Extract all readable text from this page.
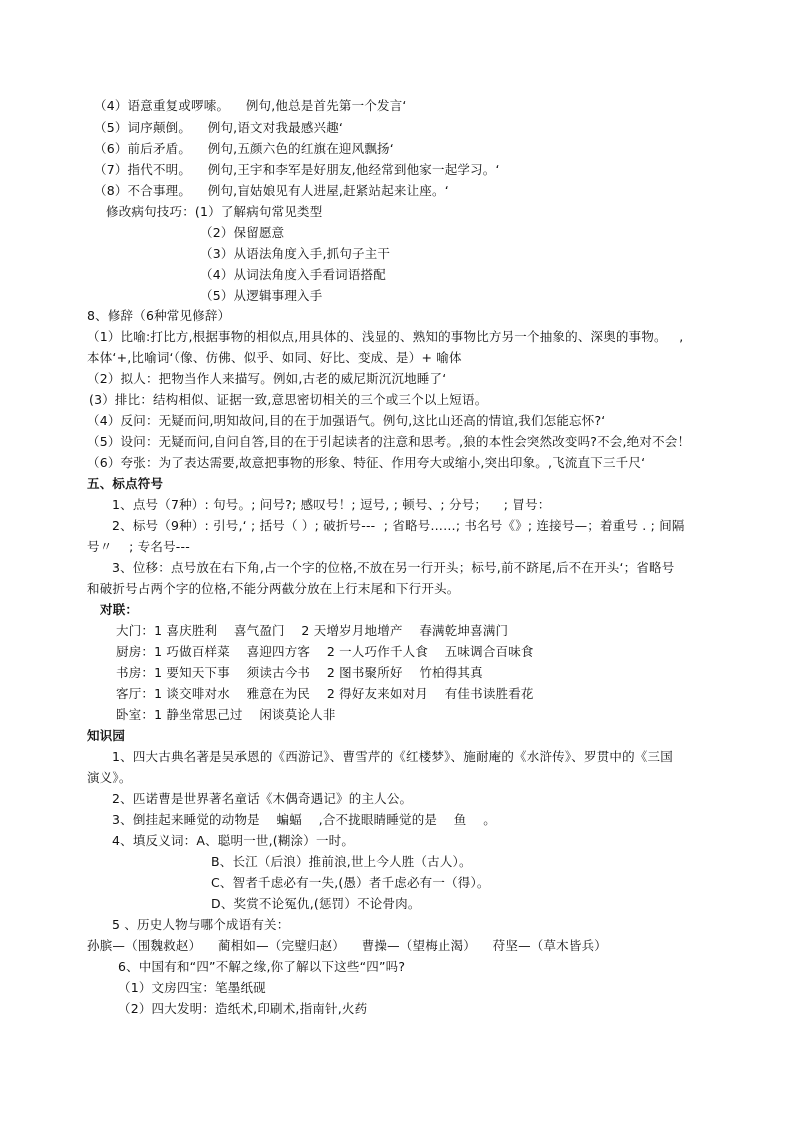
（4）语意重复或啰嗦。    例句,他总是首先第一个发言‘
（5）词序颠倒。    例句,语文对我最感兴趣‘
（6）前后矛盾。    例句,五颜六色的红旗在迎风飘扬‘
（7）指代不明。    例句,王宇和李军是好朋友,他经常到他家一起学习。‘
（8）不合事理。    例句,盲姑娘见有人进屋,赶紧站起来让座。‘
修改病句技巧：(1）了解病句常见类型
（2）保留愿意
（3）从语法角度入手,抓句子主干
（4）从词法角度入手看词语搭配
（5）从逻辑事理入手
8、修辞（6种常见修辞）
（1）比喻:打比方,根据事物的相似点,用具体的、浅显的、熟知的事物比方另一个抽象的、深奥的事物。   ,
本体‘+,比喻词‘（像、仿佛、似乎、如同、好比、变成、是）+ 喻体
（2）拟人：把物当作人来描写。例如,古老的威尼斯沉沉地睡了‘
(3）排比：结构相似、证据一致,意思密切相关的三个或三个以上短语。
（4）反问：无疑而问,明知故问,目的在于加强语气。例句,这比山还高的情谊,我们怎能忘怀?‘
（5）设问：无疑而问,自问自答,目的在于引起读者的注意和思考。,狼的本性会突然改变吗?不会,绝对不会！
（6）夸张：为了表达需要,故意把事物的形象、特征、作用夸大或缩小,突出印象。,飞流直下三千尺‘
五、标点符号
1、点号（7种）: 句号。; 问号?; 感叹号！; 逗号, ; 顿号、; 分号；    ; 冒号：
2、标号（9种）: 引号,‘ ; 括号（ ）; 破折号---  ; 省略号……; 书名号《》; 连接号—；着重号 . ; 间隔
号〃    ; 专名号---
3、位移：点号放在右下角,占一个字的位格,不放在另一行开头；标号,前不跻尾,后不在开头‘；省略号
和破折号占两个字的位格,不能分两截分放在上行末尾和下行开头。
对联：
大门：1 喜庆胜利    喜气盈门    2 天增岁月地增产    春满乾坤喜满门
厨房：1 巧做百样菜    喜迎四方客    2 一人巧作千人食    五味调合百味食
书房：1 要知天下事    须读古今书    2 图书聚所好    竹柏得其真
客厅：1 谈交啡对水    雅意在为民    2 得好友来如对月    有佳书读胜看花
卧室：1 静坐常思己过    闲谈莫论人非
知识园
1、四大古典名著是吴承恩的《西游记》、曹雪芹的《红楼梦》、施耐庵的《水浒传》、罗贯中的《三国
演义》。
2、匹诺曹是世界著名童话《木偶奇遇记》的主人公。
3、倒挂起来睡觉的动物是    蝙蝠    ,合不拢眼睛睡觉的是    鱼    。
4、填反义词：A、聪明一世,(糊涂）一时。
B、长江（后浪）推前浪,世上今人胜（古人）。
C、智者千虑必有一失,(愚）者千虑必有一（得）。
D、奖赏不论冤仇,(惩罚）不论骨肉。
5 、历史人物与哪个成语有关：
孙膑—（围魏救赵）    蔺相如—（完璧归赵）    曹操—（望梅止渴）    苻坚—（草木皆兵）
6、中国有和“四”不解之缘,你了解以下这些“四”吗?
（1）文房四宝：笔墨纸砚
（2）四大发明：造纸术,印刷术,指南针,火药
